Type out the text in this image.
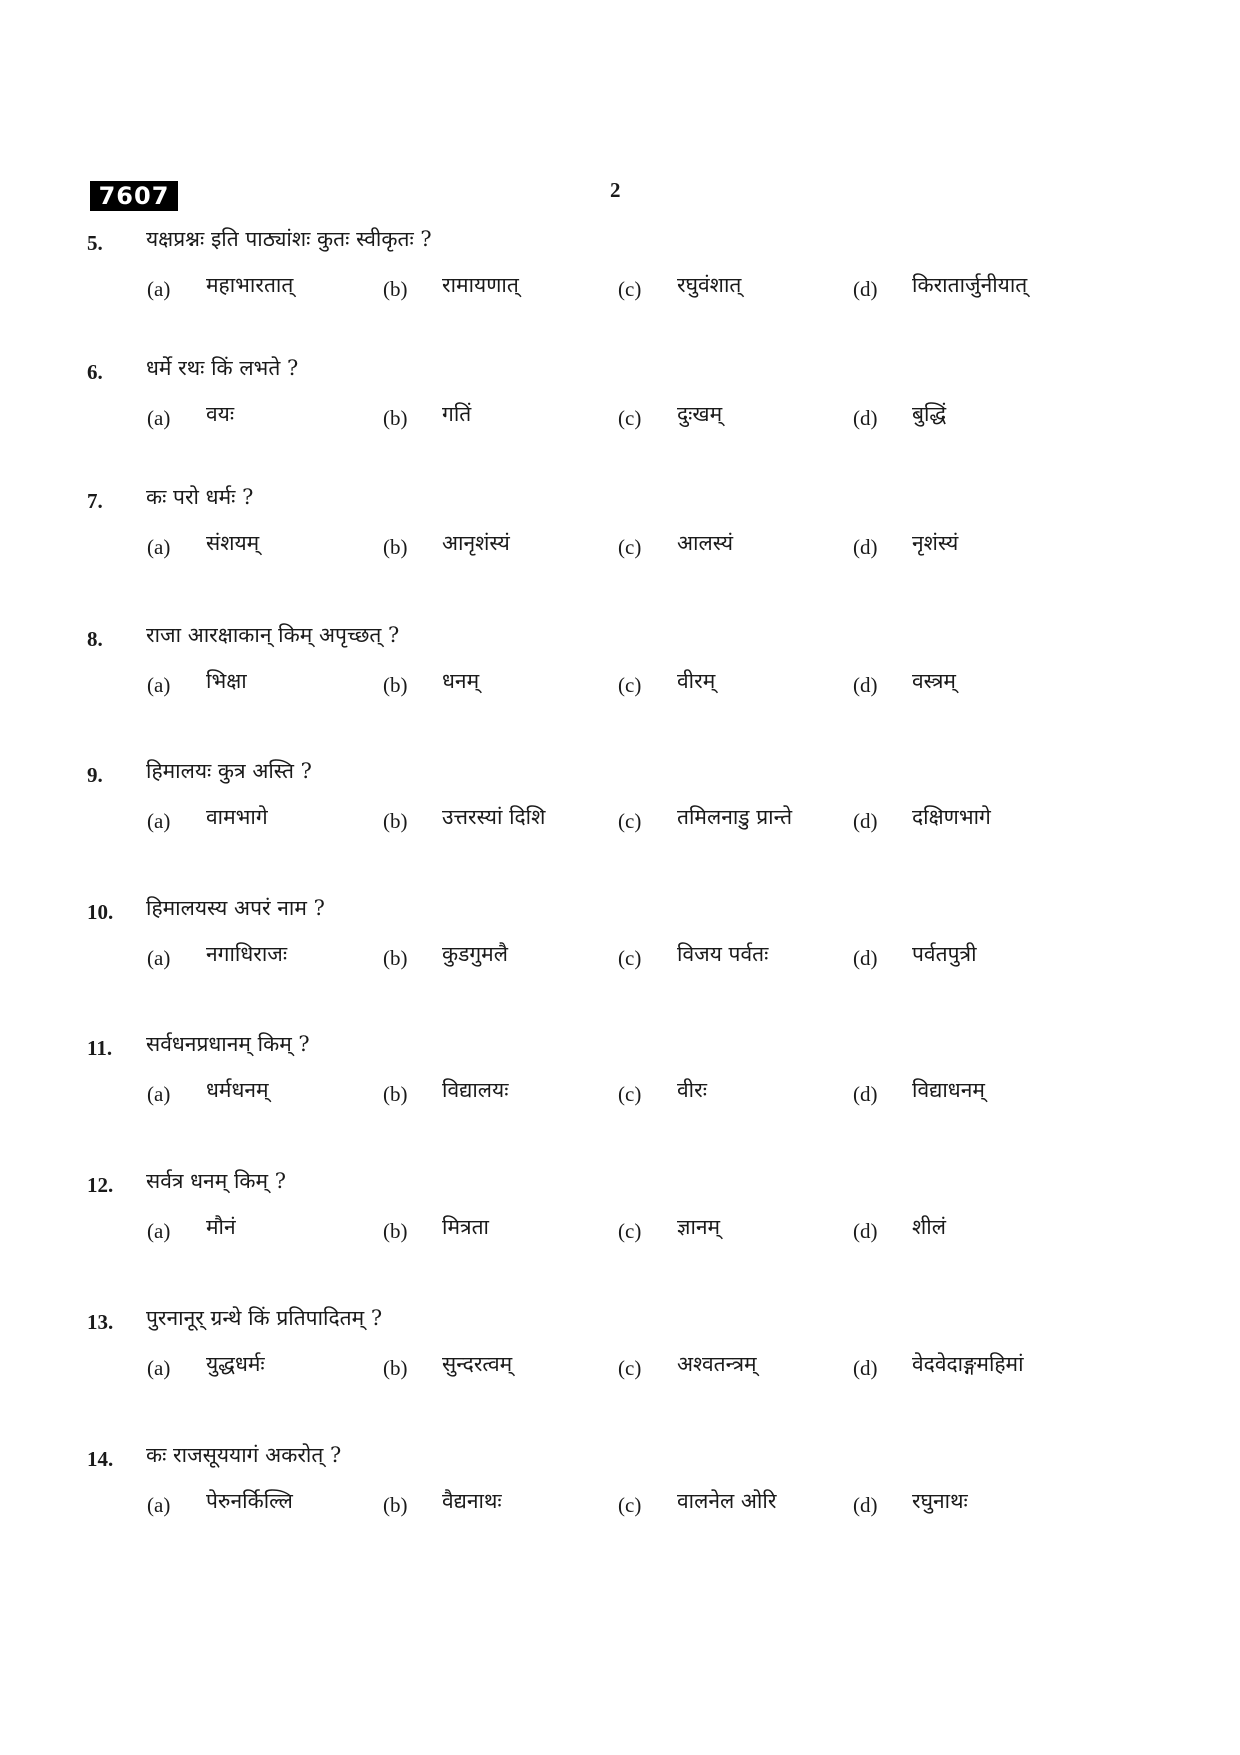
7607	2
5. यक्षप्रश्नः इति पाठ्यांशः कुतः स्वीकृतः ?
(a) महाभारतात्	(b) रामायणात्	(c) रघुवंशात्	(d) किरातार्जुनीयात्
6. धर्मे रथः किं लभते ?
(a) वयः	(b) गतिं	(c) दुःखम्	(d) बुद्धिं
7. कः परो धर्मः ?
(a) संशयम्	(b) आनृशंस्यं	(c) आलस्यं	(d) नृशंस्यं
8. राजा आरक्षाकान् किम् अपृच्छत् ?
(a) भिक्षा	(b) धनम्	(c) वीरम्	(d) वस्त्रम्
9. हिमालयः कुत्र अस्ति ?
(a) वामभागे	(b) उत्तरस्यां दिशि	(c) तमिलनाडु प्रान्ते	(d) दक्षिणभागे
10. हिमालयस्य अपरं नाम ?
(a) नगाधिराजः	(b) कुडगुमलै	(c) विजय पर्वतः	(d) पर्वतपुत्री
11. सर्वधनप्रधानम् किम् ?
(a) धर्मधनम्	(b) विद्यालयः	(c) वीरः	(d) विद्याधनम्
12. सर्वत्र धनम् किम् ?
(a) मौनं	(b) मित्रता	(c) ज्ञानम्	(d) शीलं
13. पुरनानूर् ग्रन्थे किं प्रतिपादितम् ?
(a) युद्धधर्मः	(b) सुन्दरत्वम्	(c) अश्वतन्त्रम्	(d) वेदवेदाङ्गमहिमां
14. कः राजसूययागं अकरोत् ?
(a) पेरुनर्किल्लि	(b) वैद्यनाथः	(c) वालनेल ओरि	(d) रघुनाथः
